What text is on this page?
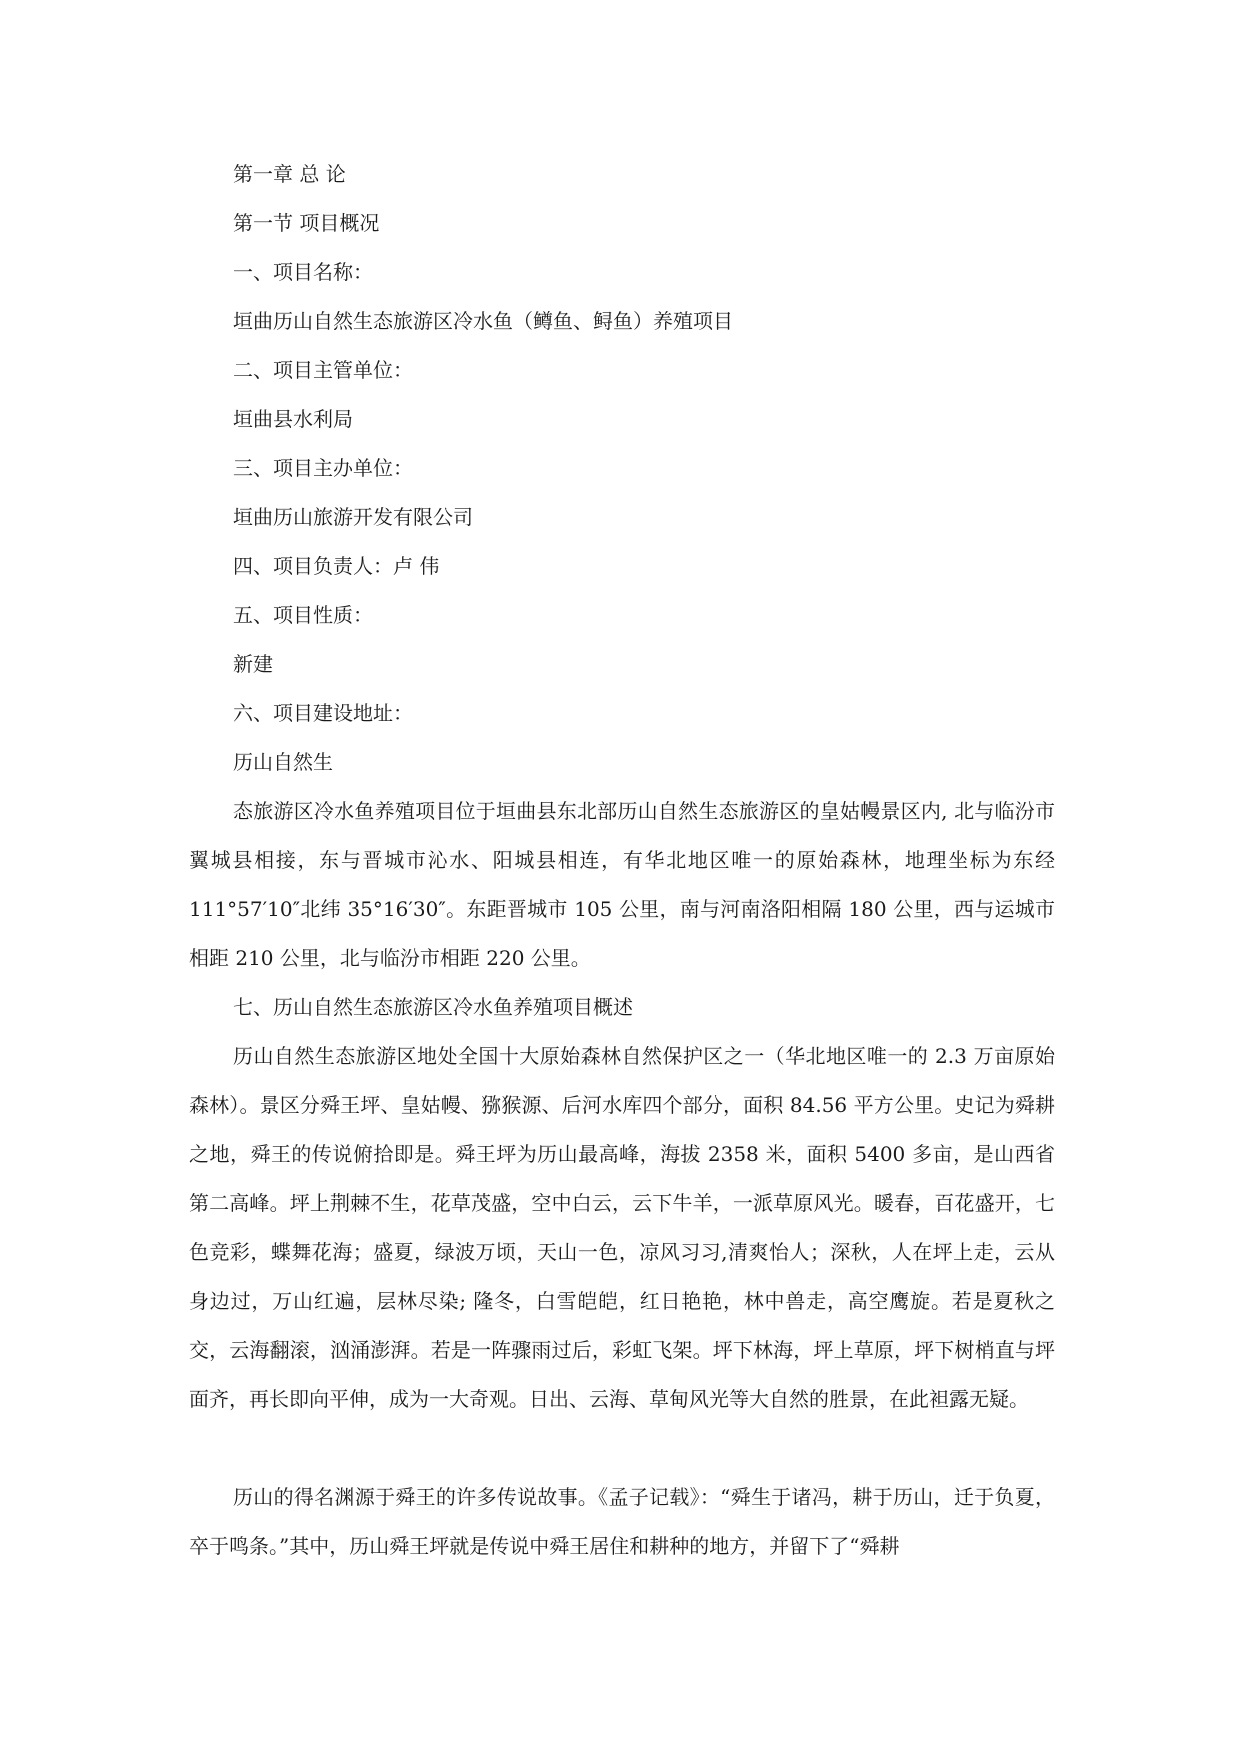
第一章 总 论
第一节 项目概况
一、项目名称：
垣曲历山自然生态旅游区冷水鱼（鳟鱼、鲟鱼）养殖项目
二、项目主管单位：
垣曲县水利局
三、项目主办单位：
垣曲历山旅游开发有限公司
四、项目负责人：卢 伟
五、项目性质：
新建
六、项目建设地址：
历山自然生

态旅游区冷水鱼养殖项目位于垣曲县东北部历山自然生态旅游区的皇姑幔景区内, 北与临汾市翼城县相接，东与晋城市沁水、阳城县相连，有华北地区唯一的原始森林，地理坐标为东经 111°57′10″北纬 35°16′30″。东距晋城市 105 公里，南与河南洛阳相隔 180 公里，西与运城市相距 210 公里，北与临汾市相距 220 公里。

七、历山自然生态旅游区冷水鱼养殖项目概述

历山自然生态旅游区地处全国十大原始森林自然保护区之一（华北地区唯一的 2.3 万亩原始森林）。景区分舜王坪、皇姑幔、猕猴源、后河水库四个部分，面积 84.56 平方公里。史记为舜耕之地，舜王的传说俯拾即是。舜王坪为历山最高峰，海拔 2358 米，面积 5400 多亩，是山西省第二高峰。坪上荆棘不生，花草茂盛，空中白云，云下牛羊，一派草原风光。暖春，百花盛开，七色竞彩，蝶舞花海；盛夏，绿波万顷，天山一色，凉风习习,清爽怡人；深秋，人在坪上走，云从身边过，万山红遍，层林尽染; 隆冬，白雪皑皑，红日艳艳，林中兽走，高空鹰旋。若是夏秋之交，云海翻滚，汹涌澎湃。若是一阵骤雨过后，彩虹飞架。坪下林海，坪上草原，坪下树梢直与坪面齐，再长即向平伸，成为一大奇观。日出、云海、草甸风光等大自然的胜景，在此袒露无疑。

历山的得名渊源于舜王的许多传说故事。《孟子记载》：“舜生于诸冯，耕于历山，迁于负夏，卒于鸣条。”其中，历山舜王坪就是传说中舜王居住和耕种的地方，并留下了“舜耕
